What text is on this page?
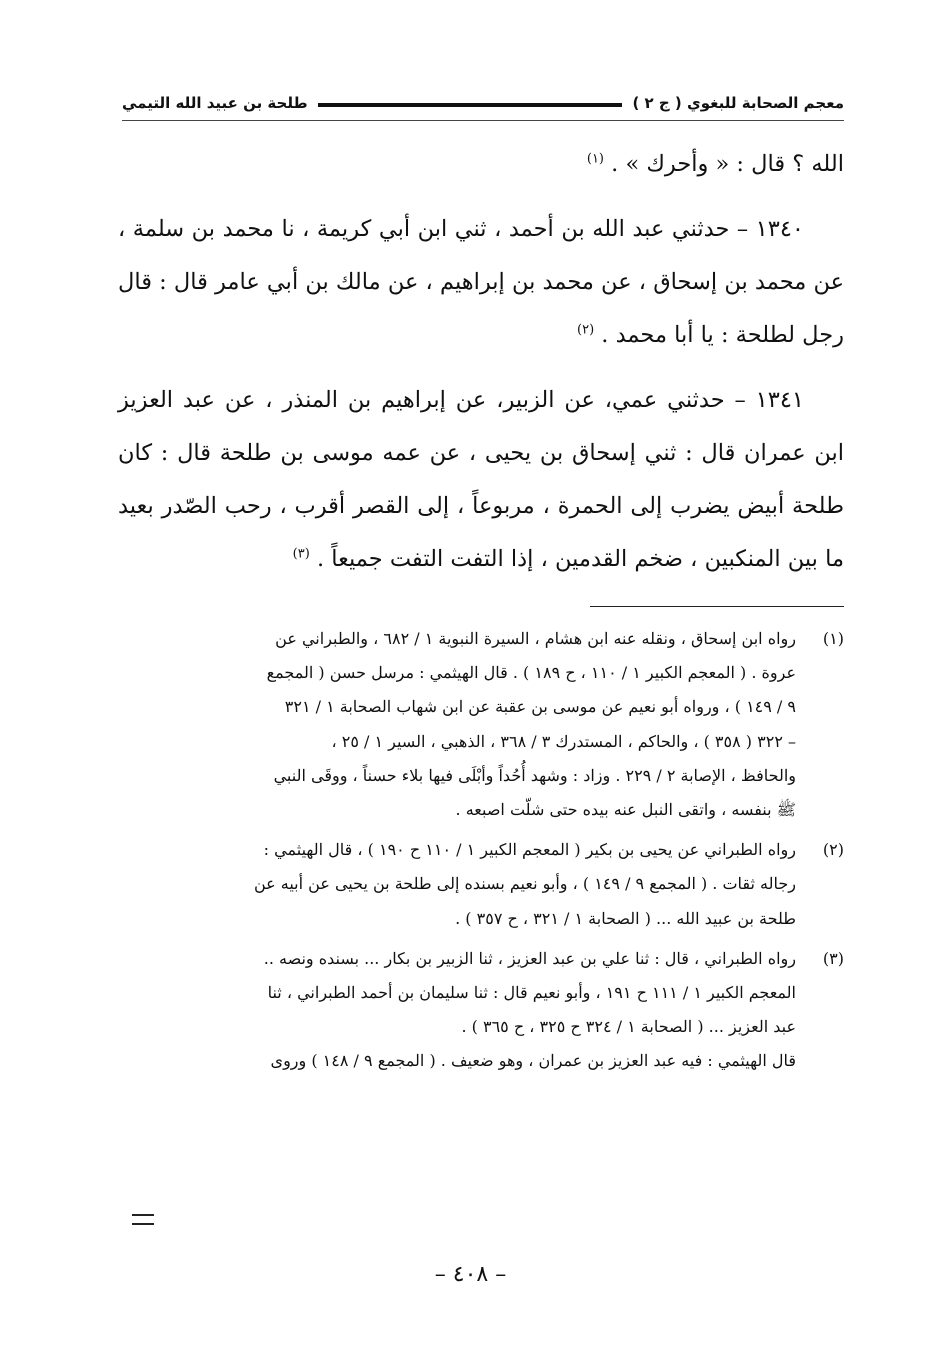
معجم الصحابة للبغوي ( ج ٢ )
طلحة بن عبيد الله التيمي

الله ؟ قال : « وأحرك » . $^{(١)}$

١٣٤٠ – حدثني عبد الله بن أحمد ، ثني ابن أبي كريمة ، نا محمد بن سلمة ، عن محمد بن إسحاق ، عن محمد بن إبراهيم ، عن مالك بن أبي عامر قال : قال رجل لطلحة : يا أبا محمد . $^{(٢)}$

١٣٤١ – حدثني عمي، عن الزبير، عن إبراهيم بن المنذر ، عن عبد العزيز ابن عمران قال : ثني إسحاق بن يحيى ، عن عمه موسى بن طلحة قال : كان طلحة أبيض يضرب إلى الحمرة ، مربوعاً ، إلى القصر أقرب ، رحب الصّدر بعيد ما بين المنكبين ، ضخم القدمين ، إذا التفت التفت جميعاً . $^{(٣)}$

(١)
رواه ابن إسحاق ، ونقله عنه ابن هشام ، السيرة النبوية ١ / ٦٨٢ ، والطبراني عن
عروة . ( المعجم الكبير ١ / ١١٠ ، ح ١٨٩ ) . قال الهيثمي : مرسل حسن ( المجمع
٩ / ١٤٩ ) ، ورواه أبو نعيم عن موسى بن عقبة عن ابن شهاب الصحابة ١ / ٣٢١
– ٣٢٢ ( ٣٥٨ ) ، والحاكم ، المستدرك ٣ / ٣٦٨ ، الذهبي ، السير ١ / ٢٥ ،
والحافظ ، الإصابة ٢ / ٢٢٩ . وزاد : وشهد أُحُداً وأبْلَى فيها بلاء حسناً ، ووقَى النبي
ﷺ بنفسه ، واتقى النبل عنه بيده حتى شلّت اصبعه .
(٢)
رواه الطبراني عن يحيى بن بكير ( المعجم الكبير ١ / ١١٠ ح ١٩٠ ) ، قال الهيثمي :
رجاله ثقات . ( المجمع ٩ / ١٤٩ ) ، وأبو نعيم بسنده إلى طلحة بن يحيى عن أبيه عن
طلحة بن عبيد الله ... ( الصحابة ١ / ٣٢١ ، ح ٣٥٧ ) .
(٣)
رواه الطبراني ، قال : ثنا علي بن عبد العزيز ، ثنا الزبير بن بكار ... بسنده ونصه ..
المعجم الكبير ١ / ١١١ ح ١٩١ ، وأبو نعيم قال : ثنا سليمان بن أحمد الطبراني ، ثنا
عبد العزيز ... ( الصحابة ١ / ٣٢٤ ح ٣٢٥ ، ح ٣٦٥ ) .
قال الهيثمي : فيه عبد العزيز بن عمران ، وهو ضعيف . ( المجمع ٩ / ١٤٨ ) وروى
– ٤٠٨ –
